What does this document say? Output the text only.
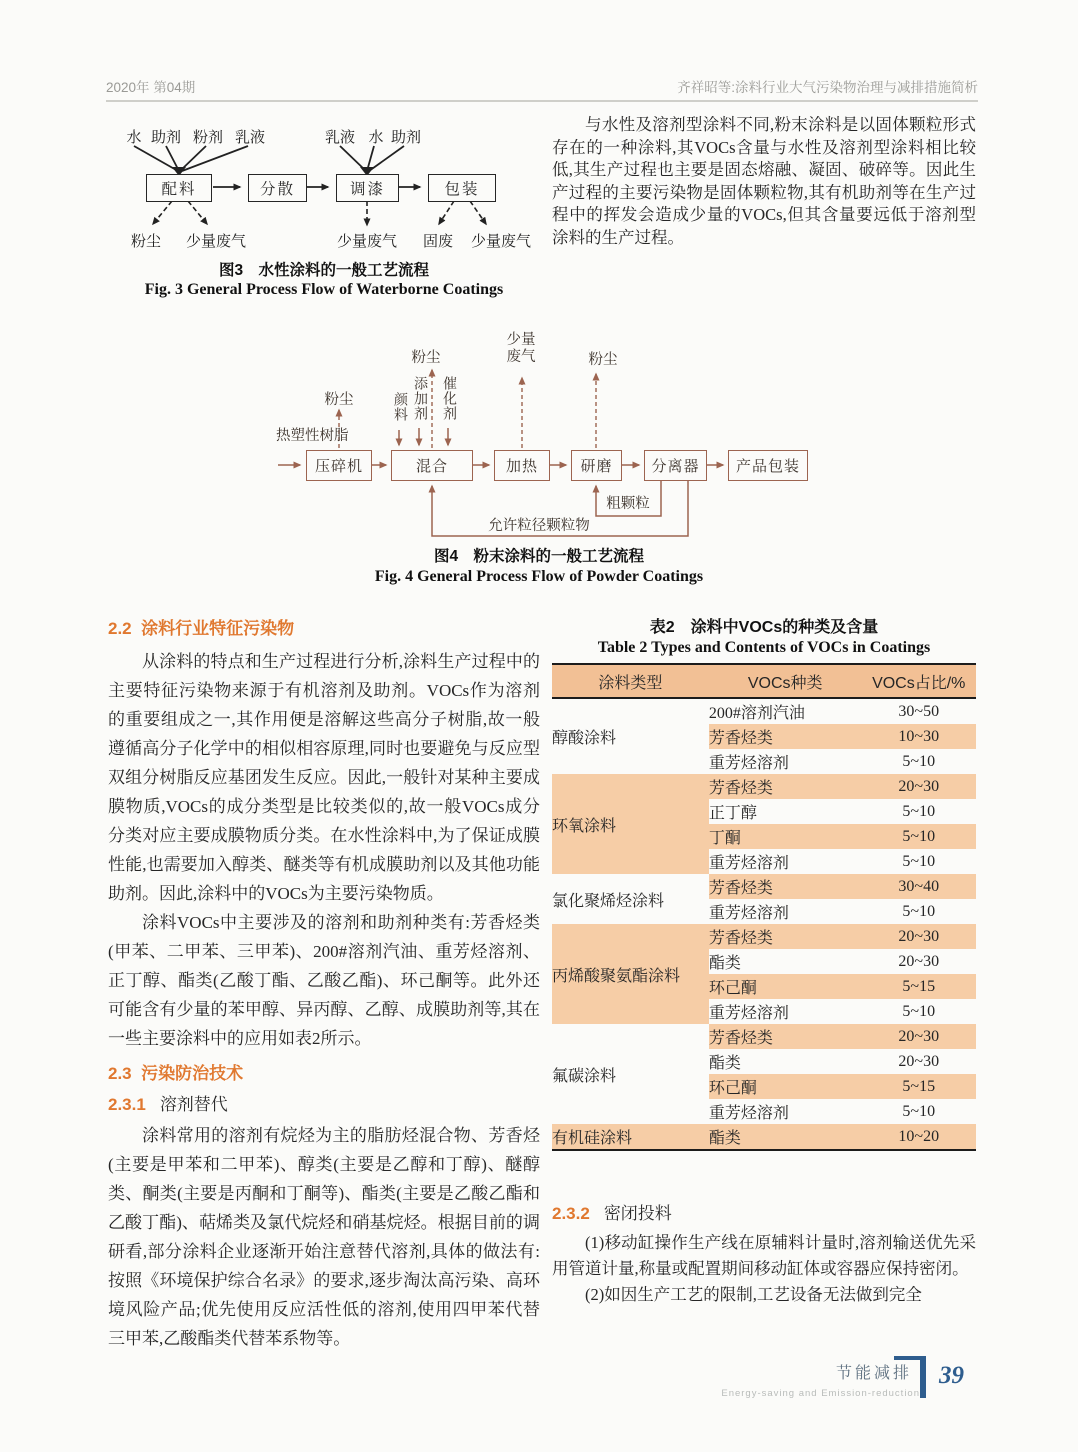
2020年 第04期	齐祥昭等:涂料行业大气污染物治理与减排措施简析
水 助剂 粉剂 乳液	乳液 水 助剂
配料	分散	调漆	包装
粉尘 少量废气	少量废气 固废 少量废气
图3　水性涂料的一般工艺流程
Fig. 3 General Process Flow of Waterborne Coatings

与水性及溶剂型涂料不同,粉末涂料是以固体颗粒形式存在的一种涂料,其VOCs含量与水性及溶剂型涂料相比较低,其生产过程也主要是固态熔融、凝固、破碎等。因此生产过程的主要污染物是固体颗粒物,其有机助剂等在生产过程中的挥发会造成少量的VOCs,但其含量要远低于溶剂型涂料的生产过程。

热塑性树脂
粉尘	颜料 添加剂 催化剂
粉尘
少量废气	粉尘
压碎机	混合	加热	研磨	分离器	产品包装
粗颗粒
允许粒径颗粒物
图4　粉末涂料的一般工艺流程
Fig. 4 General Process Flow of Powder Coatings
2.2 涂料行业特征污染物

从涂料的特点和生产过程进行分析,涂料生产过程中的主要特征污染物来源于有机溶剂及助剂。VOCs作为溶剂的重要组成之一,其作用便是溶解这些高分子树脂,故一般遵循高分子化学中的相似相容原理,同时也要避免与反应型双组分树脂反应基团发生反应。因此,一般针对某种主要成膜物质,VOCs的成分类型是比较类似的,故一般VOCs成分分类对应主要成膜物质分类。在水性涂料中,为了保证成膜性能,也需要加入醇类、醚类等有机成膜助剂以及其他功能助剂。因此,涂料中的VOCs为主要污染物质。

涂料VOCs中主要涉及的溶剂和助剂种类有:芳香烃类(甲苯、二甲苯、三甲苯)、200#溶剂汽油、重芳烃溶剂、正丁醇、酯类(乙酸丁酯、乙酸乙酯)、环己酮等。此外还可能含有少量的苯甲醇、异丙醇、乙醇、成膜助剂等,其在一些主要涂料中的应用如表2所示。

2.3 污染防治技术
2.3.1 溶剂替代

涂料常用的溶剂有烷烃为主的脂肪烃混合物、芳香烃(主要是甲苯和二甲苯)、醇类(主要是乙醇和丁醇)、醚醇类、酮类(主要是丙酮和丁酮等)、酯类(主要是乙酸乙酯和乙酸丁酯)、萜烯类及氯代烷烃和硝基烷烃。根据目前的调研看,部分涂料企业逐渐开始注意替代溶剂,具体的做法有:按照《环境保护综合名录》的要求,逐步淘汰高污染、高环境风险产品;优先使用反应活性低的溶剂,使用四甲苯代替三甲苯,乙酸酯类代替苯系物等。

表2　涂料中VOCs的种类及含量
Table 2 Types and Contents of VOCs in Coatings
涂料类型	VOCs种类	VOCs占比/%
醇酸涂料	200#溶剂汽油	30~50
	芳香烃类	10~30
	重芳烃溶剂	5~10
环氧涂料	芳香烃类	20~30
	正丁醇	5~10
	丁酮	5~10
	重芳烃溶剂	5~10
氯化聚烯烃涂料	芳香烃类	30~40
	重芳烃溶剂	5~10
丙烯酸聚氨酯涂料	芳香烃类	20~30
	酯类	20~30
	环己酮	5~15
	重芳烃溶剂	5~10
氟碳涂料	芳香烃类	20~30
	酯类	20~30
	环己酮	5~15
	重芳烃溶剂	5~10
有机硅涂料	酯类	10~20
2.3.2 密闭投料

(1)移动缸操作生产线在原辅料计量时,溶剂输送优先采用管道计量,称量或配置期间移动缸体或容器应保持密闭。

(2)如因生产工艺的限制,工艺设备无法做到完全

节能减排
Energy-saving and Emission-reduction
39
